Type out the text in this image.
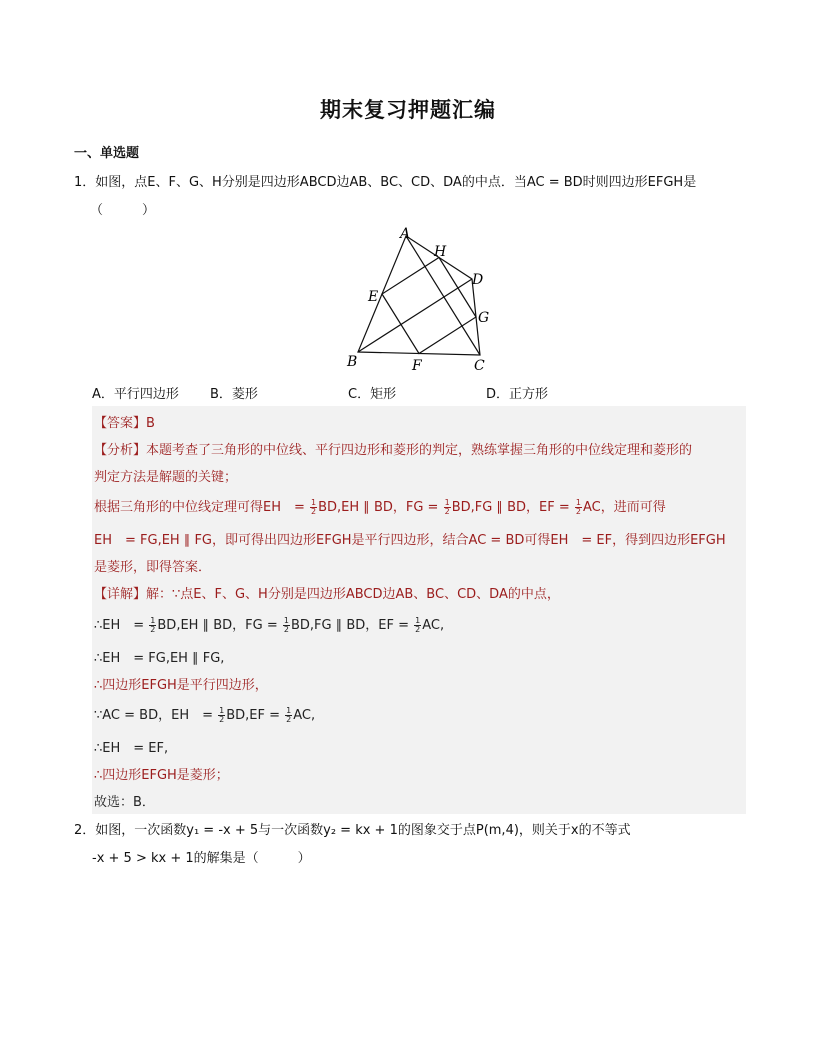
期末复习押题汇编
一、单选题
1．如图，点E、F、G、H分别是四边形ABCD边AB、BC、CD、DA的中点．当AC = BD时则四边形EFGH是
（　　　）
A
H
D
E
G
B	F	C
A．平行四边形 B．菱形	C．矩形	D．正方形
【答案】B
【分析】本题考查了三角形的中位线、平行四边形和菱形的判定，熟练掌握三角形的中位线定理和菱形的
判定方法是解题的关键；
根据三角形的中位线定理可得EH　= $\frac{1}{2} BD,EH$ ∥ BD，FG = $\frac{1}{2} BD,FG$ ∥ BD，EF = $\frac{1}{2}$ AC，进而可得
EH　= FG,EH ∥ FG，即可得出四边形EFGH是平行四边形，结合AC = BD可得EH　= EF，得到四边形EFGH
是菱形，即得答案．
【详解】解：∵点E、F、G、H分别是四边形ABCD边AB、BC、CD、DA的中点，
∴EH　= $\frac{1}{2} BD,EH$ ∥ BD，FG = $\frac{1}{2} BD,FG$ ∥ BD，EF = $\frac{1}{2}$ AC,
∴EH　= FG,EH ∥ FG,
∴四边形EFGH是平行四边形，
∵AC = BD，EH　= $\frac{1}{2} BD,EF = \frac{1}{2}$ AC,
∴EH　= EF,
∴四边形EFGH是菱形；
故选：B．
2．如图，一次函数y₁ = -x + 5与一次函数y₂ = kx + 1的图象交于点P(m,4)，则关于x的不等式
-x + 5 > kx + 1的解集是（　　　）
